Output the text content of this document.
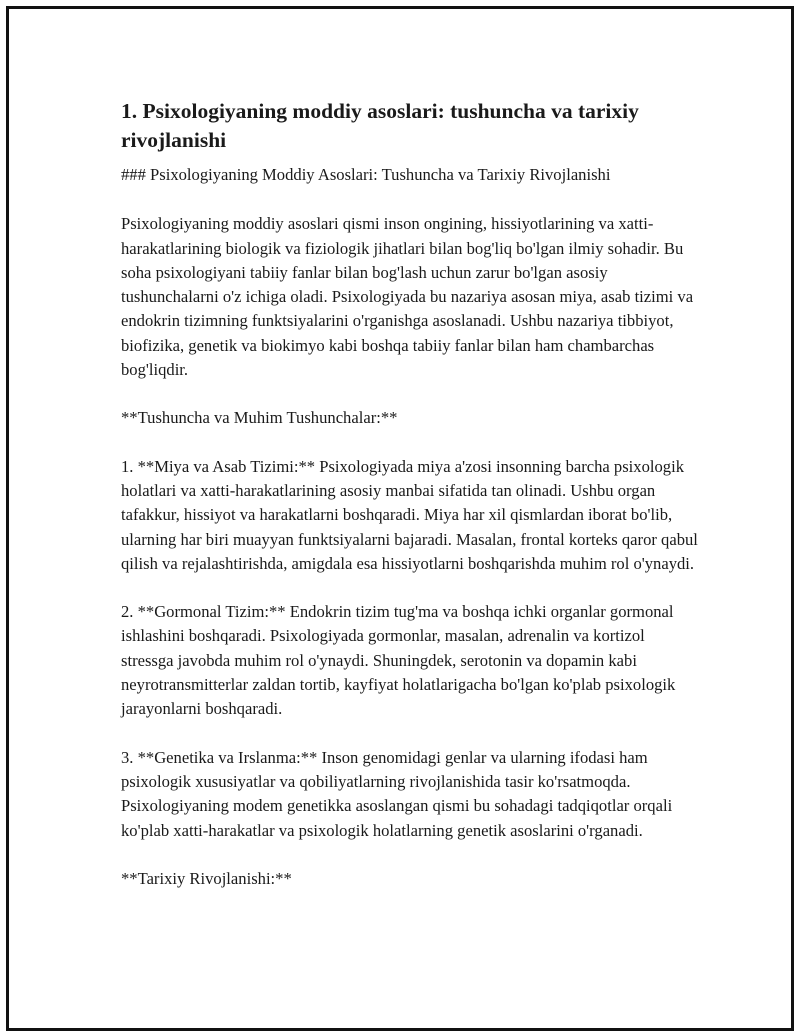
1. Psixologiyaning moddiy asoslari: tushuncha va tarixiy rivojlanishi

### Psixologiyaning Moddiy Asoslari: Tushuncha va Tarixiy Rivojlanishi

Psixologiyaning moddiy asoslari qismi inson ongining, hissiyotlarining va xatti-harakatlarining biologik va fiziologik jihatlari bilan bog'liq bo'lgan ilmiy sohadir. Bu soha psixologiyani tabiiy fanlar bilan bog'lash uchun zarur bo'lgan asosiy tushunchalarni o'z ichiga oladi. Psixologiyada bu nazariya asosan miya, asab tizimi va endokrin tizimning funktsiyalarini o'rganishga asoslanadi. Ushbu nazariya tibbiyot, biofizika, genetik va biokimyo kabi boshqa tabiiy fanlar bilan ham chambarchas bog'liqdir.

**Tushuncha va Muhim Tushunchalar:**

1. **Miya va Asab Tizimi:** Psixologiyada miya a'zosi insonning barcha psixologik holatlari va xatti-harakatlarining asosiy manbai sifatida tan olinadi. Ushbu organ tafakkur, hissiyot va harakatlarni boshqaradi. Miya har xil qismlardan iborat bo'lib, ularning har biri muayyan funktsiyalarni bajaradi. Masalan, frontal korteks qaror qabul qilish va rejalashtirishda, amigdala esa hissiyotlarni boshqarishda muhim rol o'ynaydi.

2. **Gormonal Tizim:** Endokrin tizim tug'ma va boshqa ichki organlar gormonal ishlashini boshqaradi. Psixologiyada gormonlar, masalan, adrenalin va kortizol stressga javobda muhim rol o'ynaydi. Shuningdek, serotonin va dopamin kabi neyrotransmitterlar zaldan tortib, kayfiyat holatlarigacha bo'lgan ko'plab psixologik jarayonlarni boshqaradi.

3. **Genetika va Irslanma:** Inson genomidagi genlar va ularning ifodasi ham psixologik xususiyatlar va qobiliyatlarning rivojlanishida tasir ko'rsatmoqda. Psixologiyaning modem genetikka asoslangan qismi bu sohadagi tadqiqotlar orqali ko'plab xatti-harakatlar va psixologik holatlarning genetik asoslarini o'rganadi.

**Tarixiy Rivojlanishi:**
